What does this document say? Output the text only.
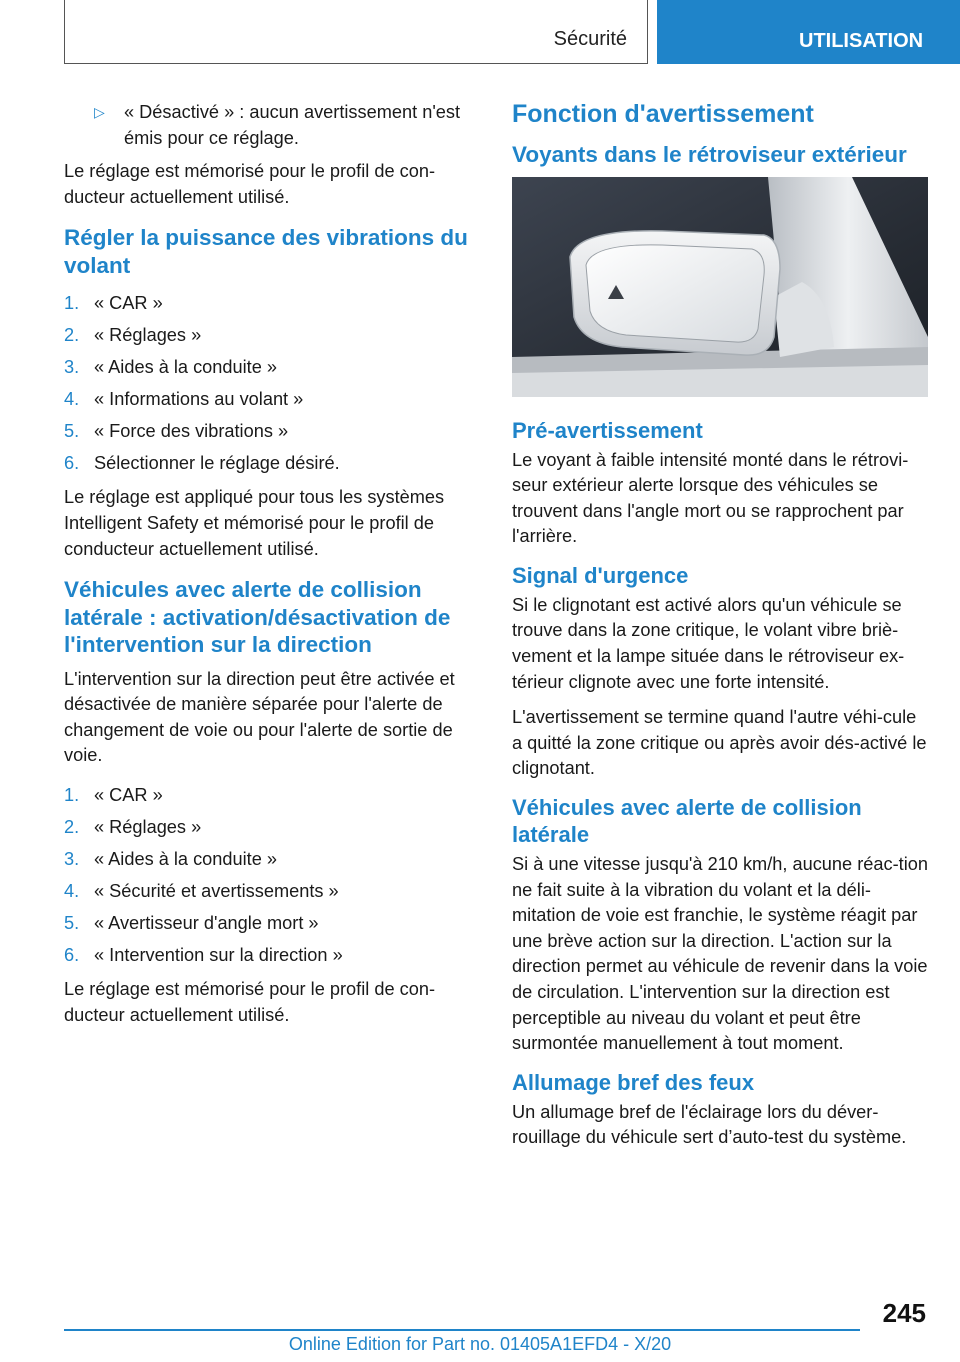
Sécurité	UTILISATION
▷ « Désactivé » : aucun avertissement n'est émis pour ce réglage.

Le réglage est mémorisé pour le profil de con-ducteur actuellement utilisé.

Régler la puissance des vibrations du volant
1. « CAR »
2. « Réglages »
3. « Aides à la conduite »
4. « Informations au volant »
5. « Force des vibrations »
6. Sélectionner le réglage désiré.

Le réglage est appliqué pour tous les systèmes Intelligent Safety et mémorisé pour le profil de conducteur actuellement utilisé.

Véhicules avec alerte de collision latérale : activation/désactivation de l'intervention sur la direction

L'intervention sur la direction peut être activée et désactivée de manière séparée pour l'alerte de changement de voie ou pour l'alerte de sortie de voie.

1. « CAR »
2. « Réglages »
3. « Aides à la conduite »
4. « Sécurité et avertissements »
5. « Avertisseur d'angle mort »
6. « Intervention sur la direction »

Le réglage est mémorisé pour le profil de con-ducteur actuellement utilisé.

Fonction d'avertissement
Voyants dans le rétroviseur extérieur
Pré-avertissement

Le voyant à faible intensité monté dans le rétrovi-seur extérieur alerte lorsque des véhicules se trouvent dans l'angle mort ou se rapprochent par l'arrière.

Signal d'urgence

Si le clignotant est activé alors qu'un véhicule se trouve dans la zone critique, le volant vibre briè-vement et la lampe située dans le rétroviseur ex-térieur clignote avec une forte intensité.

L'avertissement se termine quand l'autre véhi-cule a quitté la zone critique ou après avoir dés-activé le clignotant.

Véhicules avec alerte de collision latérale

Si à une vitesse jusqu'à 210 km/h, aucune réac-tion ne fait suite à la vibration du volant et la déli-mitation de voie est franchie, le système réagit par une brève action sur la direction. L'action sur la direction permet au véhicule de revenir dans la voie de circulation. L'intervention sur la direction est perceptible au niveau du volant et peut être surmontée manuellement à tout moment.

Allumage bref des feux

Un allumage bref de l'éclairage lors du déver-rouillage du véhicule sert d’auto-test du système.

245
Online Edition for Part no. 01405A1EFD4 - X/20
